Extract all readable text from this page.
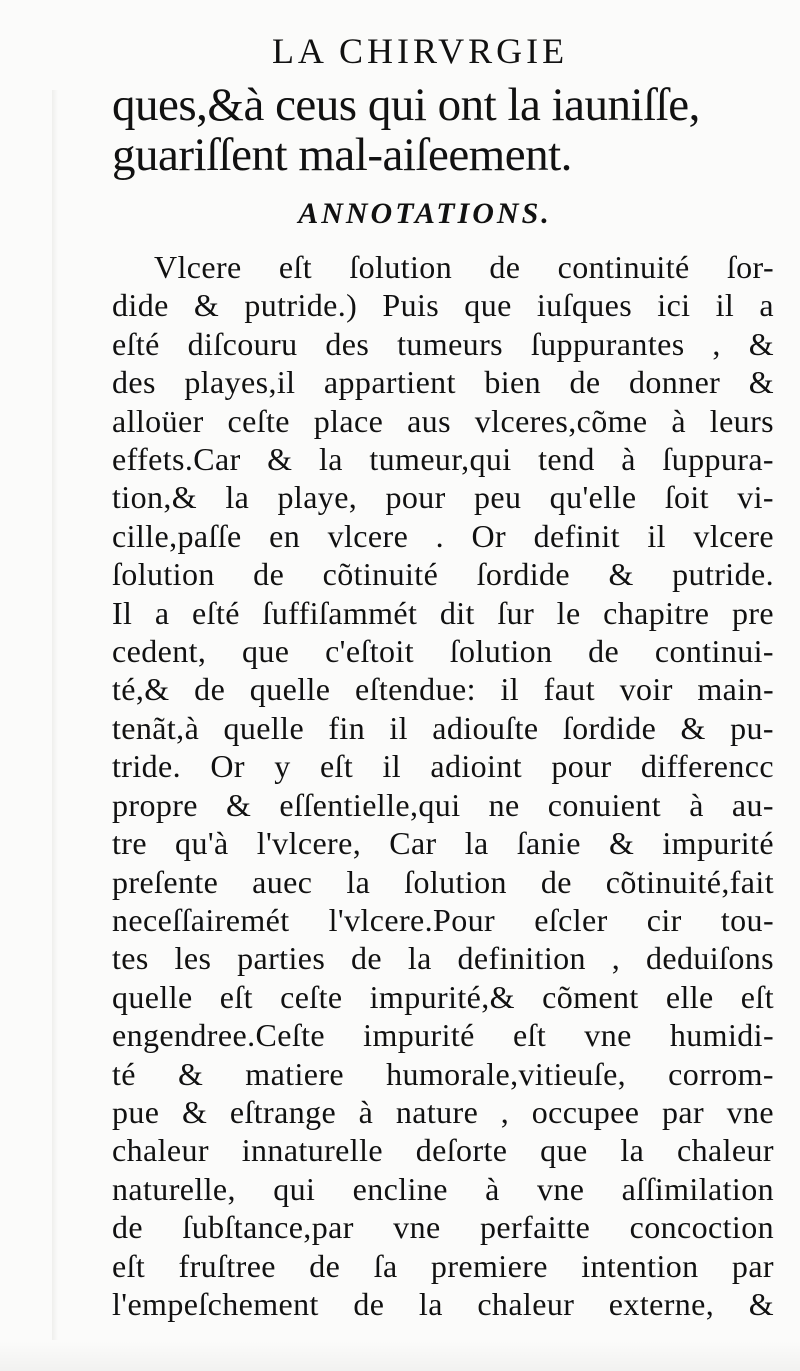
LA CHIRVRGIE
ques,&à ceus qui ont la iauniſſe,
guariſſent mal-aiſeement.
ANNOTATIONS.
Vlcere eſt ſolution de continuité ſor-
dide & putride.) Puis que iuſques ici il a
eſté diſcouru des tumeurs ſuppurantes , &
des playes,il appartient bien de donner &
alloüer ceſte place aus vlceres,cõme à leurs
effets.Car & la tumeur,qui tend à ſuppura-
tion,& la playe, pour peu qu'elle ſoit vi-
cille,paſſe en vlcere . Or definit il vlcere
ſolution de cõtinuité ſordide & putride.
Il a eſté ſuffiſammét dit ſur le chapitre pre
cedent, que c'eſtoit ſolution de continui-
té,& de quelle eſtendue: il faut voir main-
tenãt,à quelle fin il adiouſte ſordide & pu-
tride. Or y eſt il adioint pour differencc
propre & eſſentielle,qui ne conuient à au-
tre qu'à l'vlcere, Car la ſanie & impurité
preſente auec la ſolution de cõtinuité,fait
neceſſairemét l'vlcere.Pour eſcler cir tou-
tes les parties de la definition , deduiſons
quelle eſt ceſte impurité,& cõment elle eſt
engendree.Ceſte impurité eſt vne humidi-
té & matiere humorale,vitieuſe, corrom-
pue & eſtrange à nature , occupee par vne
chaleur innaturelle deſorte que la chaleur
naturelle, qui encline à vne aſſimilation
de ſubſtance,par vne perfaitte concoction
eſt fruſtree de ſa premiere intention par
l'empeſchement de la chaleur externe, &
